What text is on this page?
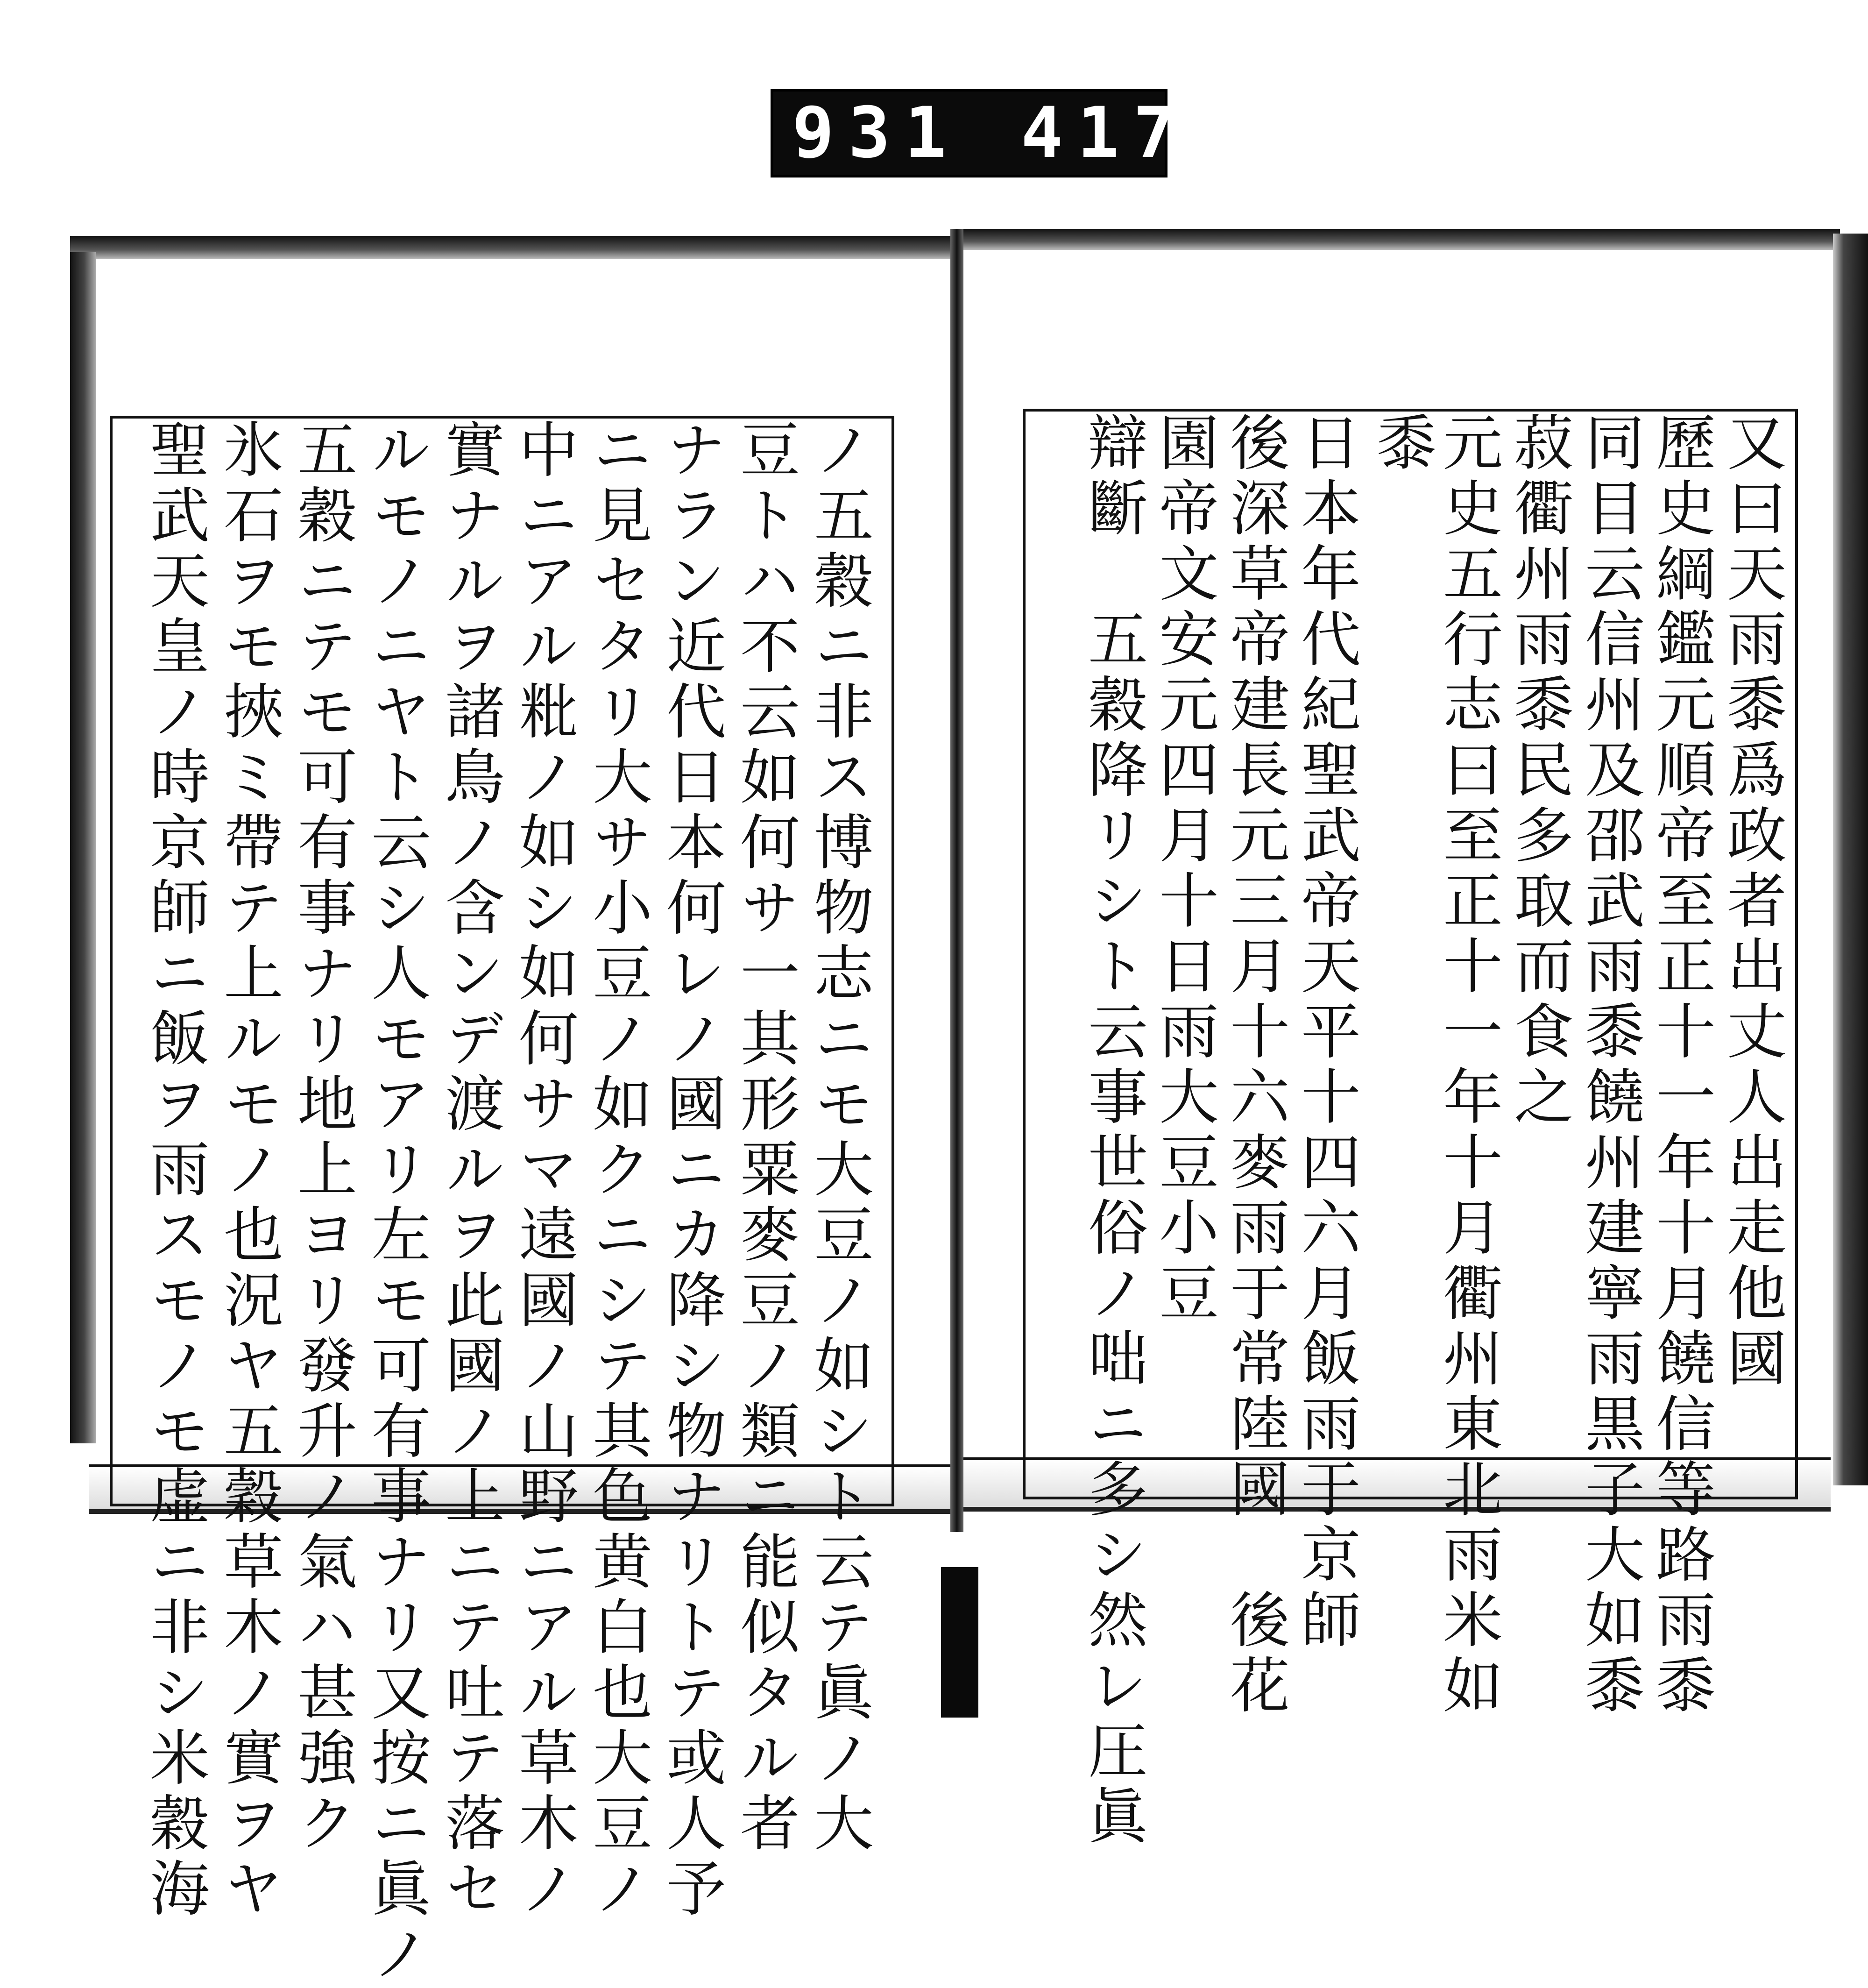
931 417.
ノ五穀ニ非ス博物志ニモ大豆ノ如シト云テ眞ノ大
豆トハ不云如何サ一其形粟麥豆ノ類ニ能似タル者
ナラン近代日本何レノ國ニカ降シ物ナリトテ或人予
ニ見セタリ大サ小豆ノ如クニシテ其色黄白也大豆ノ
中ニアル粃ノ如シ如何サマ遠國ノ山野ニアル草木ノ
實ナルヲ諸鳥ノ含ンデ渡ルヲ此國ノ上ニテ吐テ落セ
ルモノニヤト云シ人モアリ左モ可有事ナリ又按ニ眞ノ
五穀ニテモ可有事ナリ地上ヨリ發升ノ氣ハ甚強ク
氷石ヲモ挾ミ帶テ上ルモノ也況ヤ五穀草木ノ實ヲヤ
聖武天皇ノ時京師ニ飯ヲ雨スモノモ虚ニ非シ米穀海	又曰天雨黍爲政者出丈人出走他國
歷史綱鑑元順帝至正十一年十月饒信等路雨黍
同目云信州及邵武雨黍饒州建寧雨黒子大如黍
菽衢州雨黍民多取而食之
元史五行志曰至正十一年十月衢州東北雨米如
黍
日本年代紀聖武帝天平十四六月飯雨于京師
後深草帝建長元三月十六麥雨于常陸國　後花
園帝文安元四月十日雨大豆小豆
辯斷　五穀降リシト云事世俗ノ咄ニ多シ然レ圧眞
